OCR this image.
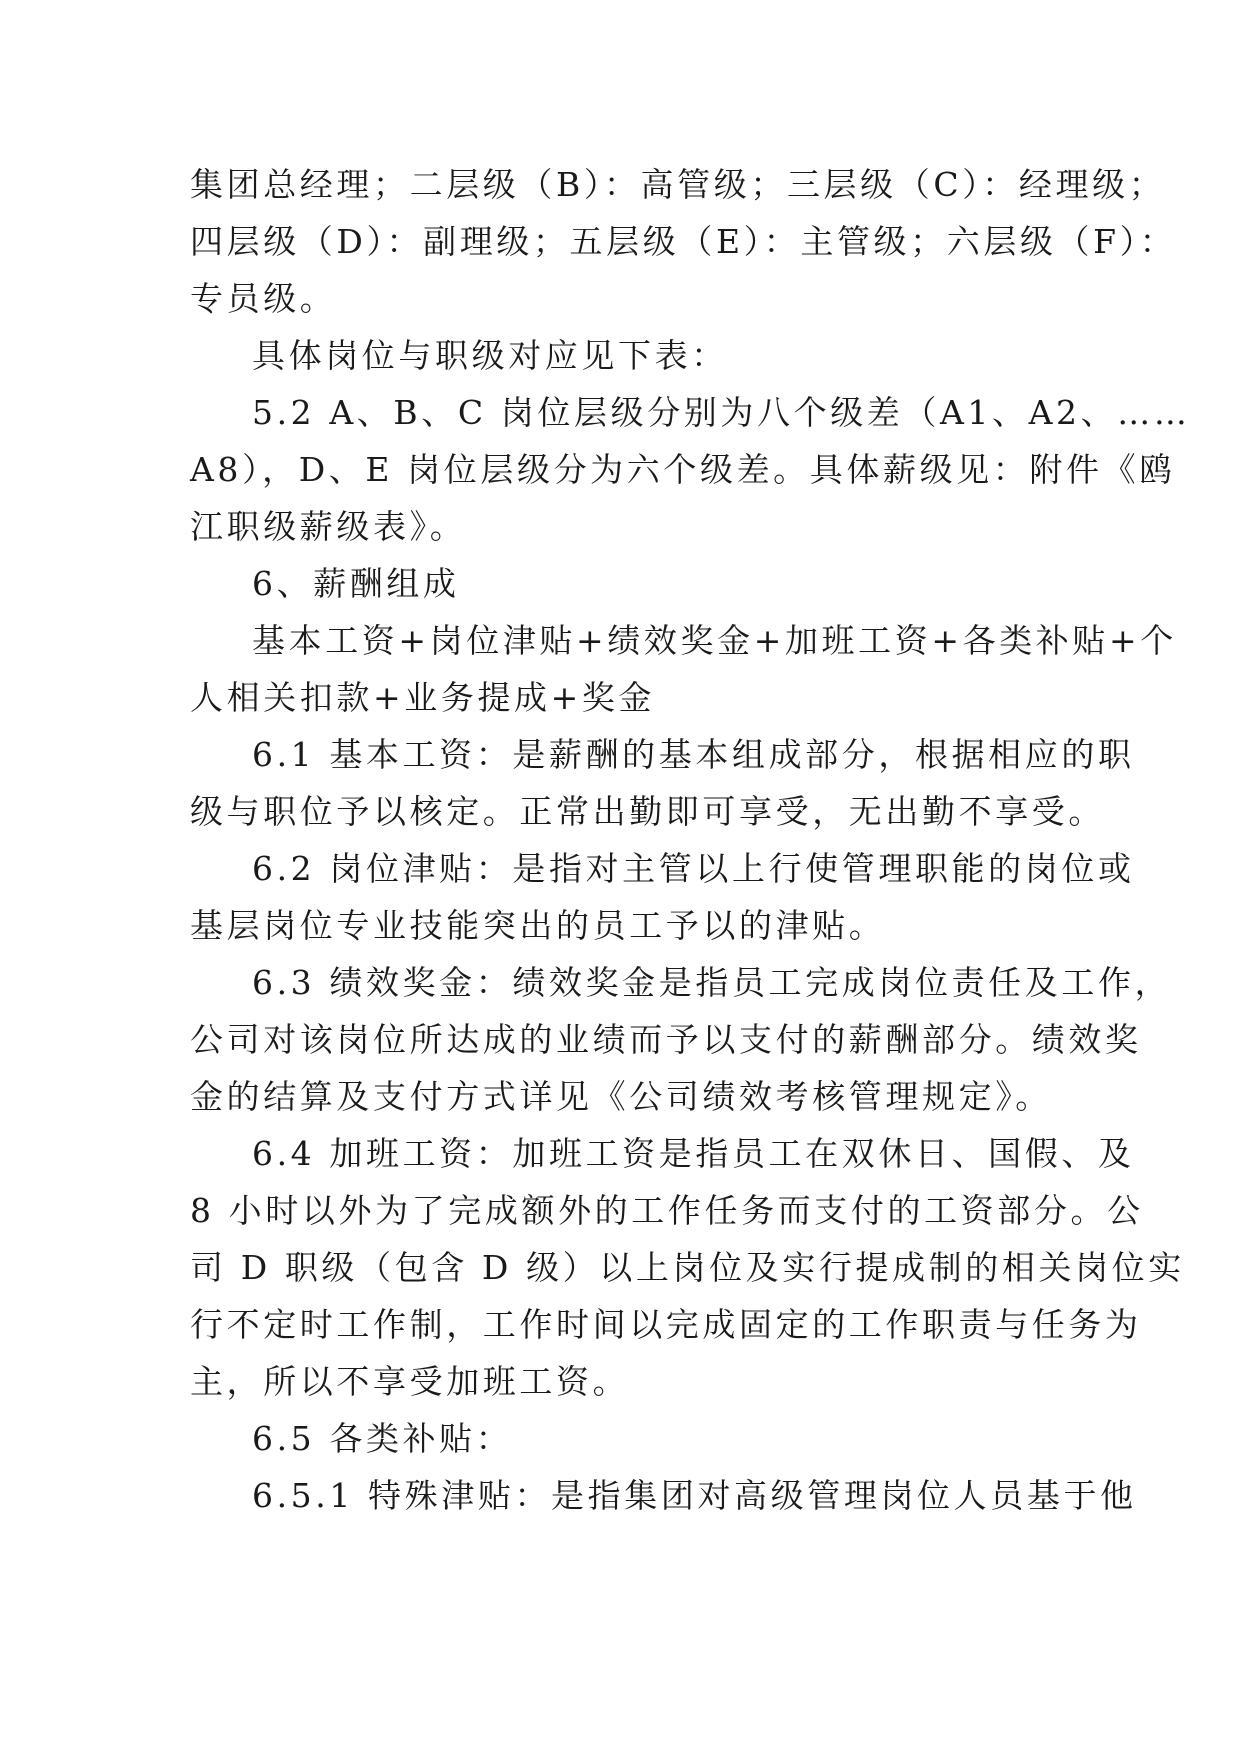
集团总经理；二层级（B）：高管级；三层级（C）：经理级；
四层级（D）：副理级；五层级（E）：主管级；六层级（F）：
专员级。
具体岗位与职级对应见下表：
5.2 A、B、C 岗位层级分别为八个级差（A1、A2、……
A8），D、E 岗位层级分为六个级差。具体薪级见：附件《鸥
江职级薪级表》。
6、薪酬组成
基本工资+岗位津贴+绩效奖金+加班工资+各类补贴+个
人相关扣款+业务提成+奖金
6.1 基本工资：是薪酬的基本组成部分，根据相应的职
级与职位予以核定。正常出勤即可享受，无出勤不享受。
6.2 岗位津贴：是指对主管以上行使管理职能的岗位或
基层岗位专业技能突出的员工予以的津贴。
6.3 绩效奖金：绩效奖金是指员工完成岗位责任及工作，
公司对该岗位所达成的业绩而予以支付的薪酬部分。绩效奖
金的结算及支付方式详见《公司绩效考核管理规定》。
6.4 加班工资：加班工资是指员工在双休日、国假、及
8 小时以外为了完成额外的工作任务而支付的工资部分。公
司 D 职级（包含 D 级）以上岗位及实行提成制的相关岗位实
行不定时工作制，工作时间以完成固定的工作职责与任务为
主，所以不享受加班工资。
6.5 各类补贴：
6.5.1 特殊津贴：是指集团对高级管理岗位人员基于他
